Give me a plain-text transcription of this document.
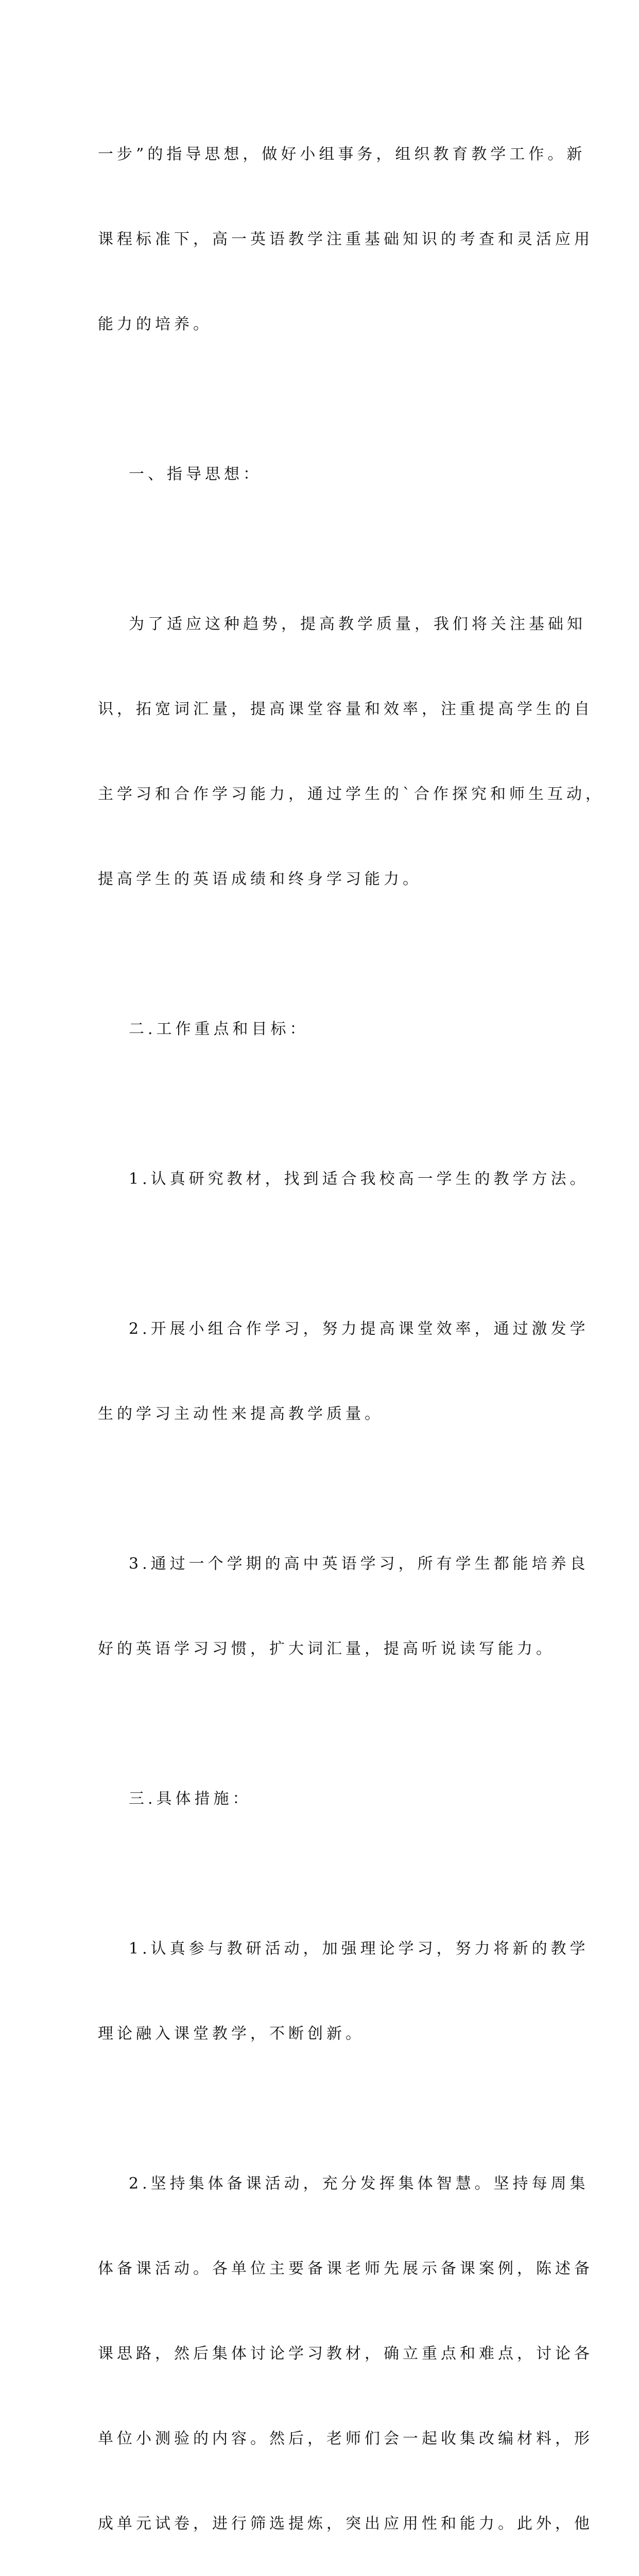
一步”的指导思想，做好小组事务，组织教育教学工作。新

课程标准下，高一英语教学注重基础知识的考查和灵活应用

能力的培养。

一、指导思想：

为了适应这种趋势，提高教学质量，我们将关注基础知

识，拓宽词汇量，提高课堂容量和效率，注重提高学生的自

主学习和合作学习能力，通过学生的`合作探究和师生互动，

提高学生的英语成绩和终身学习能力。

二.工作重点和目标：

1.认真研究教材，找到适合我校高一学生的教学方法。

2.开展小组合作学习，努力提高课堂效率，通过激发学

生的学习主动性来提高教学质量。

3.通过一个学期的高中英语学习，所有学生都能培养良

好的英语学习习惯，扩大词汇量，提高听说读写能力。

三.具体措施：

1.认真参与教研活动，加强理论学习，努力将新的教学

理论融入课堂教学，不断创新。

2.坚持集体备课活动，充分发挥集体智慧。坚持每周集

体备课活动。各单位主要备课老师先展示备课案例，陈述备

课思路，然后集体讨论学习教材，确立重点和难点，讨论各

单位小测验的内容。然后，老师们会一起收集改编材料，形

成单元试卷，进行筛选提炼，突出应用性和能力。此外，他
